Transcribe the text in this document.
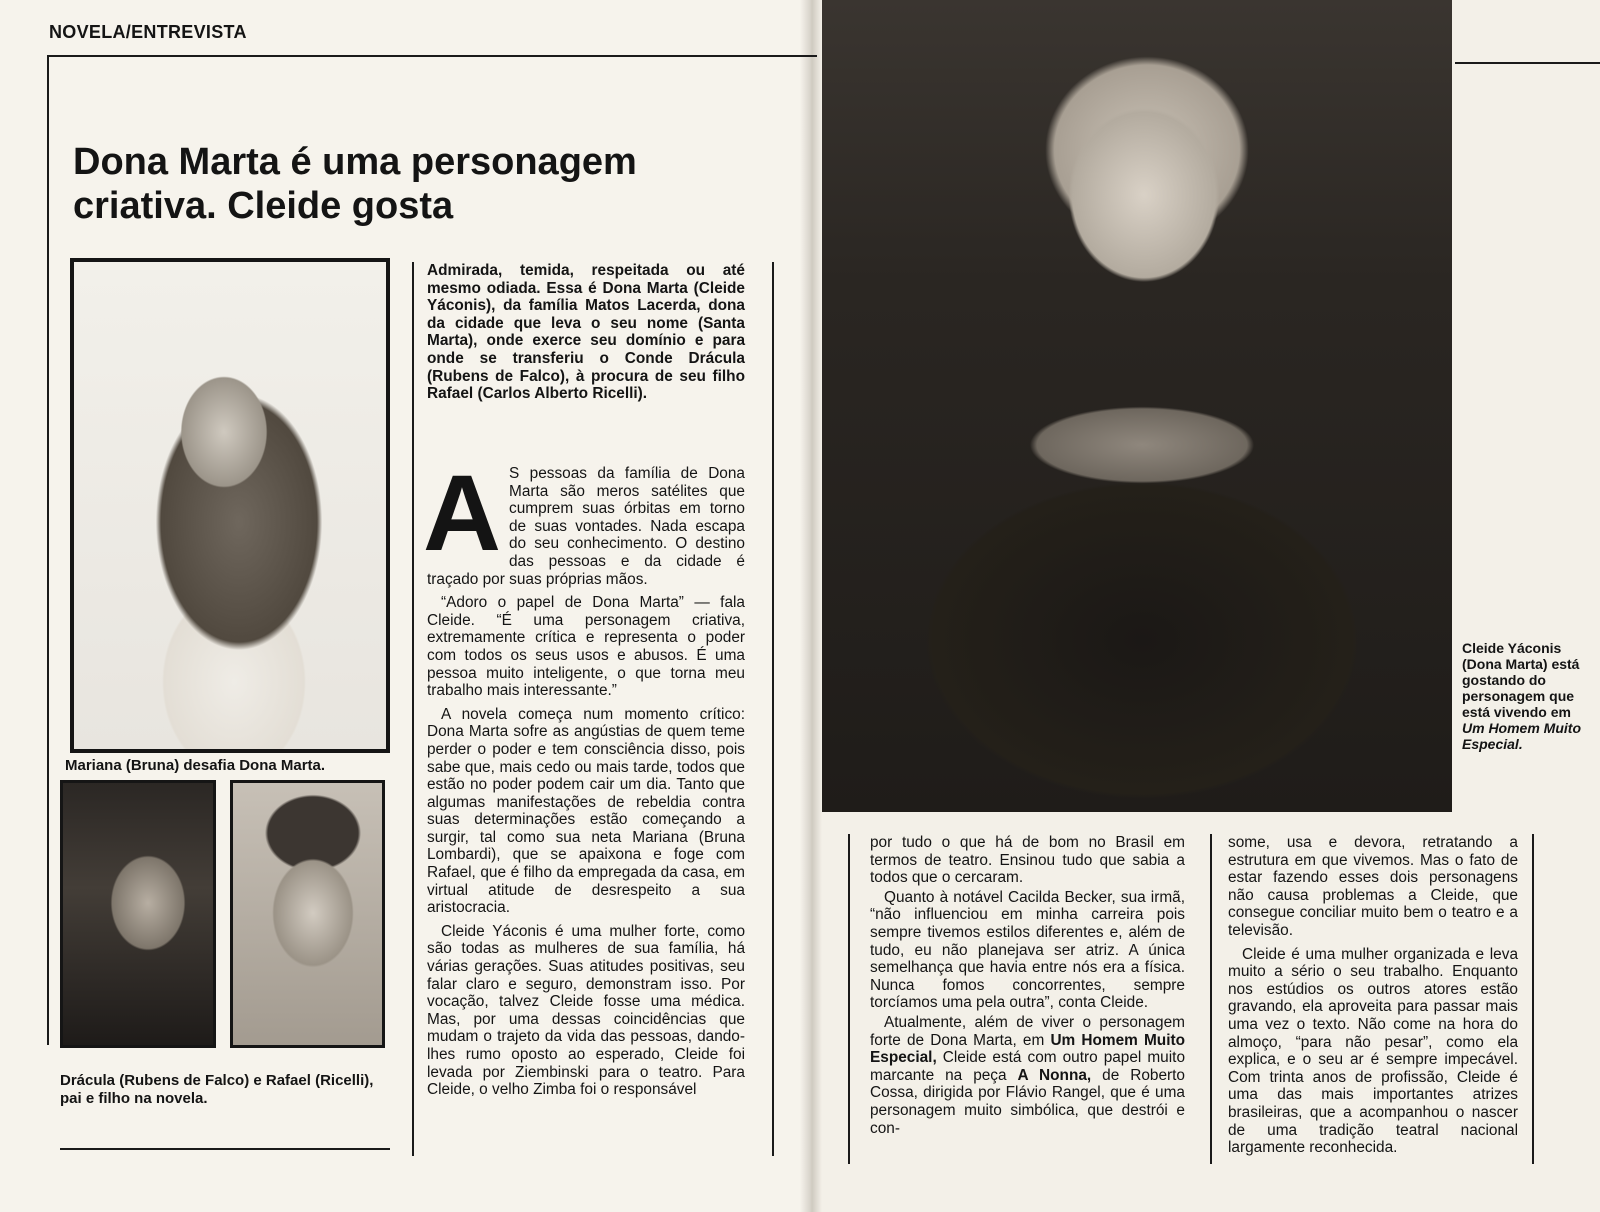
NOVELA/ENTREVISTA
Dona Marta é uma personagem criativa. Cleide gosta
Mariana (Bruna) desafia Dona Marta.
Drácula (Rubens de Falco) e Rafael (Ricelli), pai e filho na novela.
Cleide Yáconis (Dona Marta) está gostando do personagem que está vivendo em Um Homem Muito Especial.

Admirada, temida, respeitada ou até mesmo odiada. Essa é Dona Marta (Cleide Yáconis), da família Matos Lacerda, dona da cidade que leva o seu nome (Santa Marta), onde exerce seu domínio e para onde se transferiu o Conde Drácula (Rubens de Falco), à procura de seu filho Rafael (Carlos Alberto Ricelli).

A S pessoas da família de Dona Marta são meros satélites que cumprem suas órbitas em torno de suas vontades. Nada escapa do seu conhecimento. O destino das pessoas e da cidade é traçado por suas próprias mãos.

“Adoro o papel de Dona Marta” — fala Cleide. “É uma personagem criativa, extremamente crítica e representa o poder com todos os seus usos e abusos. É uma pessoa muito inteligente, o que torna meu trabalho mais interessante.”

A novela começa num momento crítico: Dona Marta sofre as angústias de quem teme perder o poder e tem consciência disso, pois sabe que, mais cedo ou mais tarde, todos que estão no poder podem cair um dia. Tanto que algumas manifestações de rebeldia contra suas determinações estão começando a surgir, tal como sua neta Mariana (Bruna Lombardi), que se apaixona e foge com Rafael, que é filho da empregada da casa, em virtual atitude de desrespeito a sua aristocracia.

Cleide Yáconis é uma mulher forte, como são todas as mulheres de sua família, há várias gerações. Suas atitudes positivas, seu falar claro e seguro, demonstram isso. Por vocação, talvez Cleide fosse uma médica. Mas, por uma dessas coincidências que mudam o trajeto da vida das pessoas, dando-lhes rumo oposto ao esperado, Cleide foi levada por Ziembinski para o teatro. Para Cleide, o velho Zimba foi o responsável

por tudo o que há de bom no Brasil em termos de teatro. Ensinou tudo que sabia a todos que o cercaram.

Quanto à notável Cacilda Becker, sua irmã, “não influenciou em minha carreira pois sempre tivemos estilos diferentes e, além de tudo, eu não planejava ser atriz. A única semelhança que havia entre nós era a física. Nunca fomos concorrentes, sempre torcíamos uma pela outra”, conta Cleide.

Atualmente, além de viver o personagem forte de Dona Marta, em Um Homem Muito Especial, Cleide está com outro papel muito marcante na peça A Nonna, de Roberto Cossa, dirigida por Flávio Rangel, que é uma personagem muito simbólica, que destrói e con-

some, usa e devora, retratando a estrutura em que vivemos. Mas o fato de estar fazendo esses dois personagens não causa problemas a Cleide, que consegue conciliar muito bem o teatro e a televisão.

Cleide é uma mulher organizada e leva muito a sério o seu trabalho. Enquanto nos estúdios os outros atores estão gravando, ela aproveita para passar mais uma vez o texto. Não come na hora do almoço, “para não pesar”, como ela explica, e o seu ar é sempre impecável. Com trinta anos de profissão, Cleide é uma das mais importantes atrizes brasileiras, que a acompanhou o nascer de uma tradição teatral nacional largamente reconhecida.
